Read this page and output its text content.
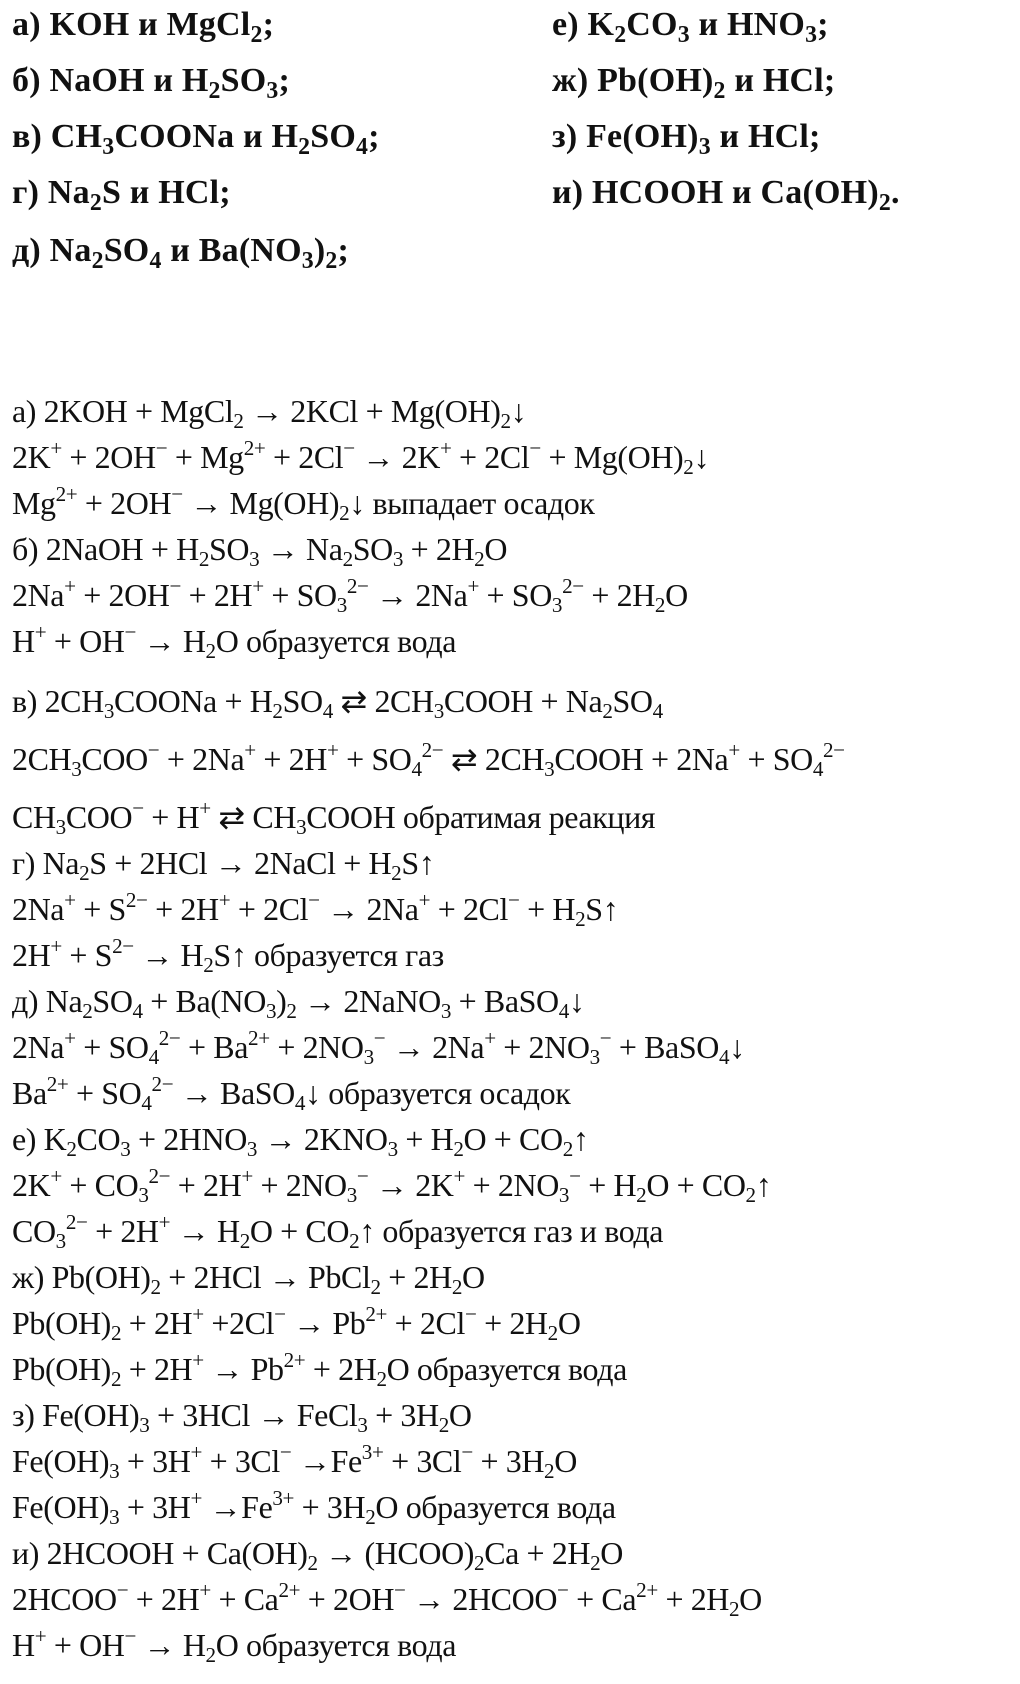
а) KOH и MgCl$_2$;
б) NaOH и $H_2SO_3$;
в) $CH_3COONa$ и $H_2SO_4$;
г) $Na_2S$ и HCl;
д) $Na_2SO_4$ и $Ba(NO_3)_2$;
е) $K_2CO_3$ и $HNO_3$;
ж) $Pb(OH)_2$ и HCl;
з) $Fe(OH)_3$ и HCl;
и) HCOOH и $Ca(OH)_2$.
а) 2KOH + MgCl$_2$ → $2KCl + Mg(OH)_2↓$
$2K^+ + 2OH^- + Mg^{2+} + 2Cl^- \to 2K^+ + 2Cl^-$ + $Mg(OH)_2↓$
$Mg^{2+} + 2OH^-$ → $Mg(OH)_2↓$ выпадает осадок
б) 2NaOH + $H_2SO_3 \to Na_2SO_3 + 2H_2O$
$2Na^+ + 2OH^- + 2H^+ + SO_3^{2-} \to 2Na^+ + SO_3^{2-} + 2H_2O$
$H^+ + OH^- \to H_2O$ образуется вода
в) $2CH_3COONa + H_2SO_4$ ⇄ $2CH_3COOH + Na_2SO_4$
$2CH_3COO^- + 2Na^+ + 2H^+ + SO_4^{2-}$ ⇄ $2CH_3COOH + 2Na^+ + SO_4^{2-}$
$CH_3COO^- + H^+$ ⇄ $CH_3COOH$ обратимая реакция
г) $Na_2S + 2HCl$ → 2NaCl + $H_2S↑$
$2Na^+ + S^{2-} + 2H^+ + 2Cl^- \to 2Na^+ + 2Cl^-$ + $H_2S↑$
$2H^+ + S^{2-}$ → $H_2S↑$ образуется газ
д) $Na_2SO_4 + Ba(NO_3)_2$ → 2NaNO$_3$ + BaSO$_4$↓
$2Na^+ + SO_4^{2-} + Ba^{2+} + 2NO_3^- \to 2Na^+ + 2NO_3^-$ + BaSO$_4$↓
$Ba^{2+} + SO_4^{2-}$ → BaSO$_4$↓ образуется осадок
е) $K_2CO_3 + 2HNO_3 \to 2KNO_3 + H_2O$ + $CO_2↑$
$2K^+ + CO_3^{2-} + 2H^+ + 2NO_3^- \to 2K^+ + 2NO_3^- + H_2O$ + $CO_2↑$
$CO_3^{2-} + 2H^+ \to H_2O$ + $CO_2↑$ образуется газ и вода
ж) $Pb(OH)_2 + 2HCl$ → PbCl$_2$ + $2H_2O$
$Pb(OH)_2 + 2H^+ +2Cl^- \to Pb^{2+} + 2Cl^- + 2H_2O$
$Pb(OH)_2 + 2H^+ \to Pb^{2+} + 2H_2O$ образуется вода
з) $Fe(OH)_3 + 3HCl$ → FeCl$_3$ + $3H_2O$
$Fe(OH)_3 + 3H^+ + 3Cl^- \to Fe^{3+} + 3Cl^- + 3H_2O$
$Fe(OH)_3 + 3H^+ \to Fe^{3+} + 3H_2O$ образуется вода
и) 2HCOOH + $Ca(OH)_2$ → $(HCOO)_2Ca + 2H_2O$
2HCOO− + $2H^+ + Ca^{2+} + 2OH^-$ → 2HCOO− + $Ca^{2+} + 2H_2O$
$H^+ + OH^- \to H_2O$ образуется вода
